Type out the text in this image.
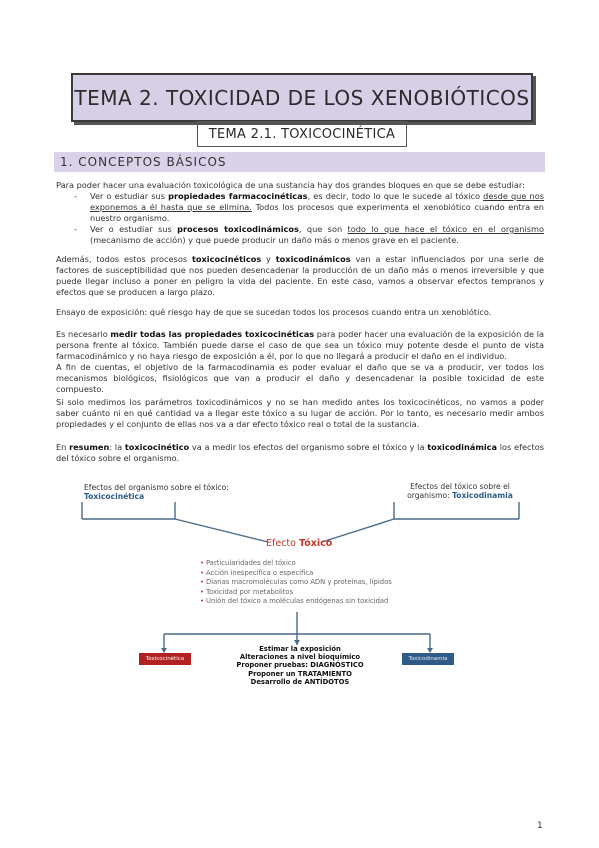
TEMA 2. TOXICIDAD DE LOS XENOBIÓTICOS
TEMA 2.1. TOXICOCINÉTICA
1. CONCEPTOS BÁSICOS

Para poder hacer una evaluación toxicológica de una sustancia hay dos grandes bloques en que se debe estudiar:

- Ver o estudiar sus propiedades farmacocinéticas, es decir, todo lo que le sucede al tóxico desde que nos exponemos a él hasta que se elimina. Todos los procesos que experimenta el xenobiótico cuando entra en nuestro organismo.
- Ver o estudiar sus procesos toxicodinámicos, que son todo lo que hace el tóxico en el organismo (mecanismo de acción) y que puede producir un daño más o menos grave en el paciente.

Además, todos estos procesos toxicocinéticos y toxicodinámicos van a estar influenciados por una serie de factores de susceptibilidad que nos pueden desencadenar la producción de un daño más o menos irreversible y que puede llegar incluso a poner en peligro la vida del paciente. En este caso, vamos a observar efectos tempranos y efectos que se producen a largo plazo.

Ensayo de exposición: qué riesgo hay de que se sucedan todos los procesos cuando entra un xenobiótico.

Es necesario medir todas las propiedades toxicocinéticas para poder hacer una evaluación de la exposición de la persona frente al tóxico. También puede darse el caso de que sea un tóxico muy potente desde el punto de vista farmacodinámico y no haya riesgo de exposición a él, por lo que no llegará a producir el daño en el individuo.

A fin de cuentas, el objetivo de la farmacodinamia es poder evaluar el daño que se va a producir, ver todos los mecanismos biológicos, fisiológicos que van a producir el daño y desencadenar la posible toxicidad de este compuesto.

Si solo medimos los parámetros toxicodinámicos y no se han medido antes los toxicocinéticos, no vamos a poder saber cuánto ni en qué cantidad va a llegar este tóxico a su lugar de acción. Por lo tanto, es necesario medir ambos propiedades y el conjunto de ellas nos va a dar efecto tóxico real o total de la sustancia.

En resumen: la toxicocinético va a medir los efectos del organismo sobre el tóxico y la toxicodinámica los efectos del tóxico sobre el organismo.

Efectos del organismo sobre el tóxico:
Toxicocinética
Efectos del tóxico sobre el organismo: Toxicodinamia
Efecto Tóxico
• Particularidades del tóxico
• Acción inespecífica o específica
• Dianas macromoléculas como ADN y proteínas, lípidos
• Toxicidad por metabolitos
• Unión del tóxico a moléculas endógenas sin toxicidad
Toxicocinética	Toxicodinamia
Estimar la exposición
Alteraciones a nivel bioquímico
Proponer pruebas: DIAGNÓSTICO
Proponer un TRATAMIENTO
Desarrollo de ANTÍDOTOS
1
